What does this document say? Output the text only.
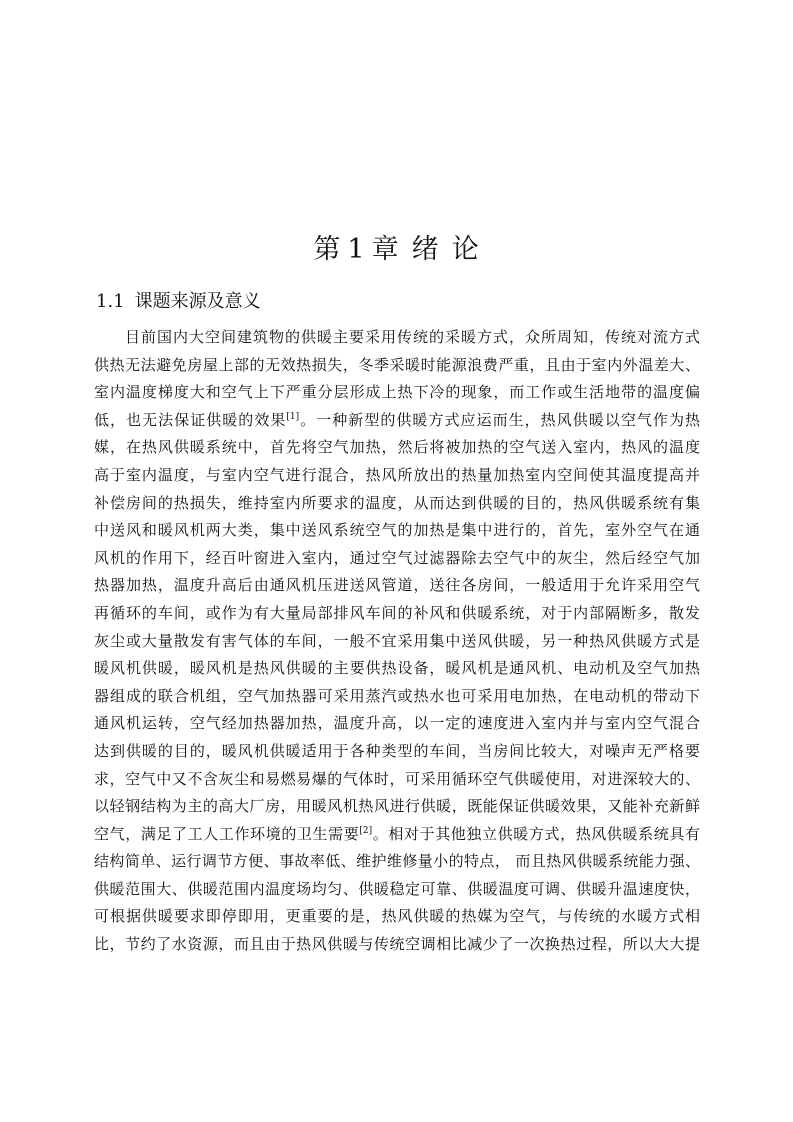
第 1 章 绪 论
1.1 课题来源及意义
目前国内大空间建筑物的供暖主要采用传统的采暖方式，众所周知，传统对流方式
供热无法避免房屋上部的无效热损失，冬季采暖时能源浪费严重，且由于室内外温差大、
室内温度梯度大和空气上下严重分层形成上热下冷的现象，而工作或生活地带的温度偏
低，也无法保证供暖的效果[1]。一种新型的供暖方式应运而生，热风供暖以空气作为热
媒，在热风供暖系统中，首先将空气加热，然后将被加热的空气送入室内，热风的温度
高于室内温度，与室内空气进行混合，热风所放出的热量加热室内空间使其温度提高并
补偿房间的热损失，维持室内所要求的温度，从而达到供暖的目的，热风供暖系统有集
中送风和暖风机两大类，集中送风系统空气的加热是集中进行的，首先，室外空气在通
风机的作用下，经百叶窗进入室内，通过空气过滤器除去空气中的灰尘，然后经空气加
热器加热，温度升高后由通风机压进送风管道，送往各房间，一般适用于允许采用空气
再循环的车间，或作为有大量局部排风车间的补风和供暖系统，对于内部隔断多，散发
灰尘或大量散发有害气体的车间，一般不宜采用集中送风供暖，另一种热风供暖方式是
暖风机供暖，暖风机是热风供暖的主要供热设备，暖风机是通风机、电动机及空气加热
器组成的联合机组，空气加热器可采用蒸汽或热水也可采用电加热，在电动机的带动下
通风机运转，空气经加热器加热，温度升高，以一定的速度进入室内并与室内空气混合
达到供暖的目的，暖风机供暖适用于各种类型的车间，当房间比较大，对噪声无严格要
求，空气中又不含灰尘和易燃易爆的气体时，可采用循环空气供暖使用，对进深较大的、
以轻钢结构为主的高大厂房，用暖风机热风进行供暖，既能保证供暖效果，又能补充新鲜
空气，满足了工人工作环境的卫生需要[2]。相对于其他独立供暖方式，热风供暖系统具有
结构简单、运行调节方便、事故率低、维护维修量小的特点， 而且热风供暖系统能力强、
供暖范围大、供暖范围内温度场均匀、供暖稳定可靠、供暖温度可调、供暖升温速度快，
可根据供暖要求即停即用，更重要的是，热风供暖的热媒为空气，与传统的水暖方式相
比，节约了水资源，而且由于热风供暖与传统空调相比减少了一次换热过程，所以大大提
